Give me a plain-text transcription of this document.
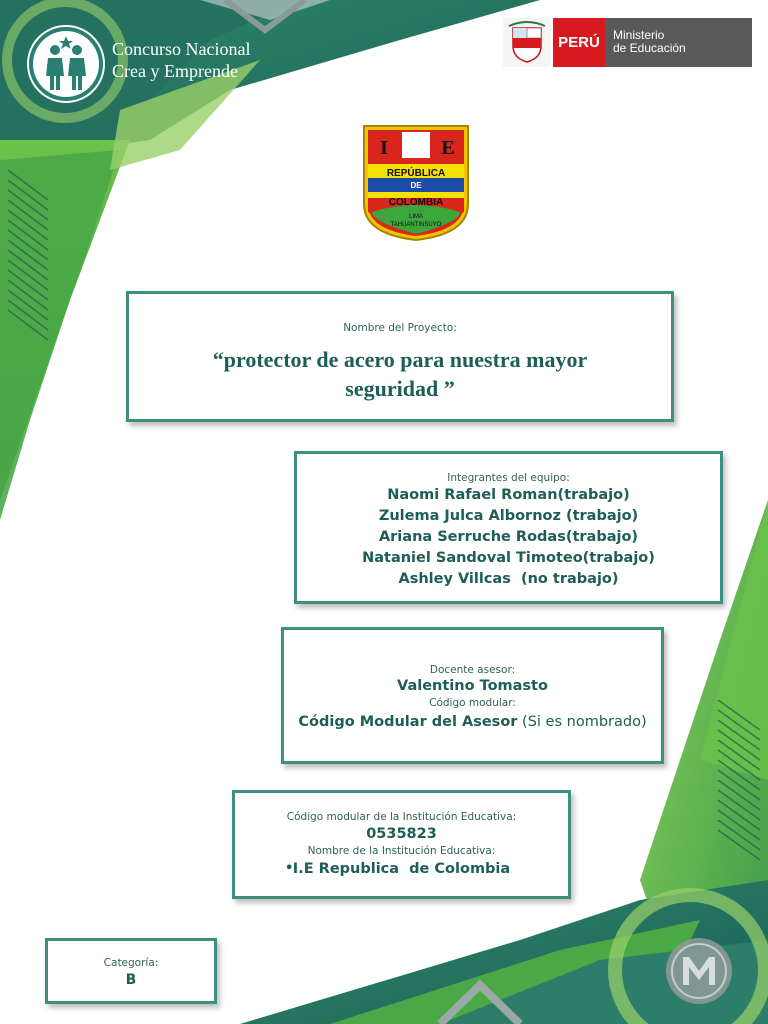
Concurso Nacional
Crea y Emprende
PERÚ	Ministerio
de Educación
I	E
REPÚBLICA
DE
COLOMBIA
LIMA
TAHUANTINSUYO
Nombre del Proyecto:
“protector de acero para nuestra mayor seguridad ”
Integrantes del equipo:
Naomi Rafael Roman(trabajo)
Zulema Julca Albornoz (trabajo)
Ariana Serruche Rodas(trabajo)
Nataniel Sandoval Timoteo(trabajo)
Ashley Villcas  (no trabajo)
Docente asesor:
Valentino Tomasto
Código modular:
Código Modular del Asesor (Si es nombrado)
Código modular de la Institución Educativa:
0535823
Nombre de la Institución Educativa:
• I.E Republica  de Colombia
Categoría:
B
